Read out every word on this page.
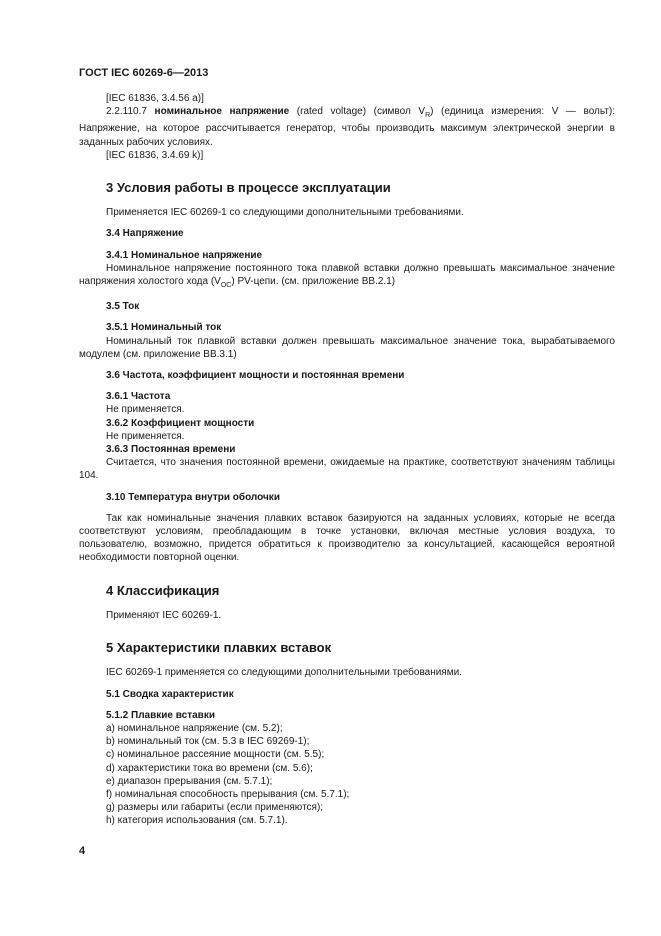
ГОСТ IEC 60269-6—2013

[IEC 61836, 3.4.56 a)]

2.2.110.7 номинальное напряжение (rated voltage) (символ $V_R$) (единица измерения: V — вольт): Напряжение, на которое рассчитывается генератор, чтобы производить максимум электрической энергии в заданных рабочих условиях.

[IEC 61836, 3.4.69 k)]

3 Условия работы в процессе эксплуатации

Применяется IEC 60269-1 со следующими дополнительными требованиями.

3.4 Напряжение

3.4.1 Номинальное напряжение

Номинальное напряжение постоянного тока плавкой вставки должно превышать максимальное значение напряжения холостого хода $(V_{OC})$ PV-цепи. (см. приложение ВВ.2.1)

3.5 Ток

3.5.1 Номинальный ток

Номинальный ток плавкой вставки должен превышать максимальное значение тока, вырабатываемого модулем (см. приложение ВВ.3.1)

3.6 Частота, коэффициент мощности и постоянная времени

3.6.1 Частота

Не применяется.

3.6.2 Коэффициент мощности

Не применяется.

3.6.3 Постоянная времени

Считается, что значения постоянной времени, ожидаемые на практике, соответствуют значениям таблицы 104.

3.10 Температура внутри оболочки

Так как номинальные значения плавких вставок базируются на заданных условиях, которые не всегда соответствуют условиям, преобладающим в точке установки, включая местные условия воздуха, то пользователю, возможно, придется обратиться к производителю за консультацией, касающейся вероятной необходимости повторной оценки.

4 Классификация

Применяют IEC 60269-1.

5 Характеристики плавких вставок

IEC 60269-1 применяется со следующими дополнительными требованиями.

5.1 Сводка характеристик

5.1.2 Плавкие вставки

a) номинальное напряжение (см. 5.2);

b) номинальный ток (см. 5.3 в IEC 69269-1);

c) номинальное рассеяние мощности (см. 5.5);

d) характеристики тока во времени (см. 5.6);

e) диапазон прерывания (см. 5.7.1);

f) номинальная способность прерывания (см. 5.7.1);

g) размеры или габариты (если применяются);

h) категория использования (см. 5.7.1).

4
